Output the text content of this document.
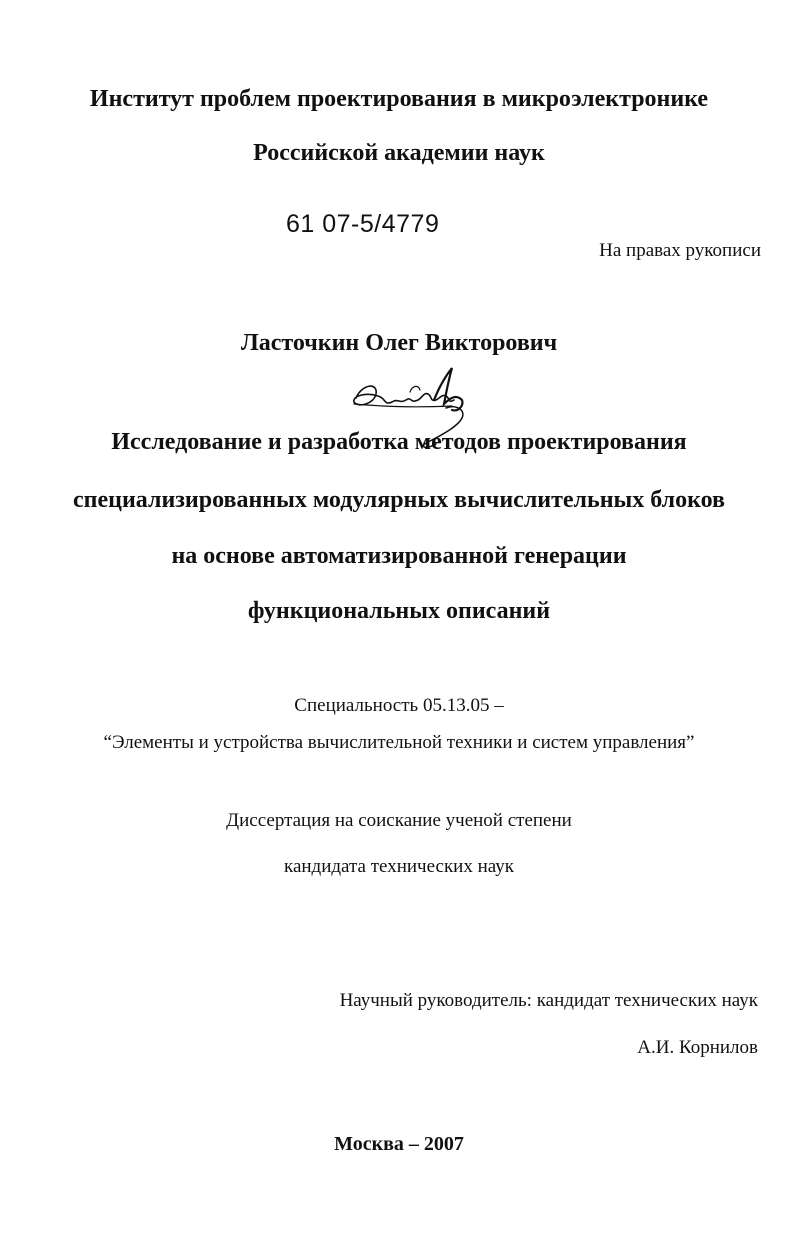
Институт проблем проектирования в микроэлектронике
Российской академии наук
61 07-5/4779
На правах рукописи
Ласточкин Олег Викторович
Исследование и разработка методов проектирования
специализированных модулярных вычислительных блоков
на основе автоматизированной генерации
функциональных описаний
Специальность 05.13.05 –
“Элементы и устройства вычислительной техники и систем управления”
Диссертация на соискание ученой степени
кандидата технических наук
Научный руководитель: кандидат технических наук
А.И. Корнилов
Москва – 2007
